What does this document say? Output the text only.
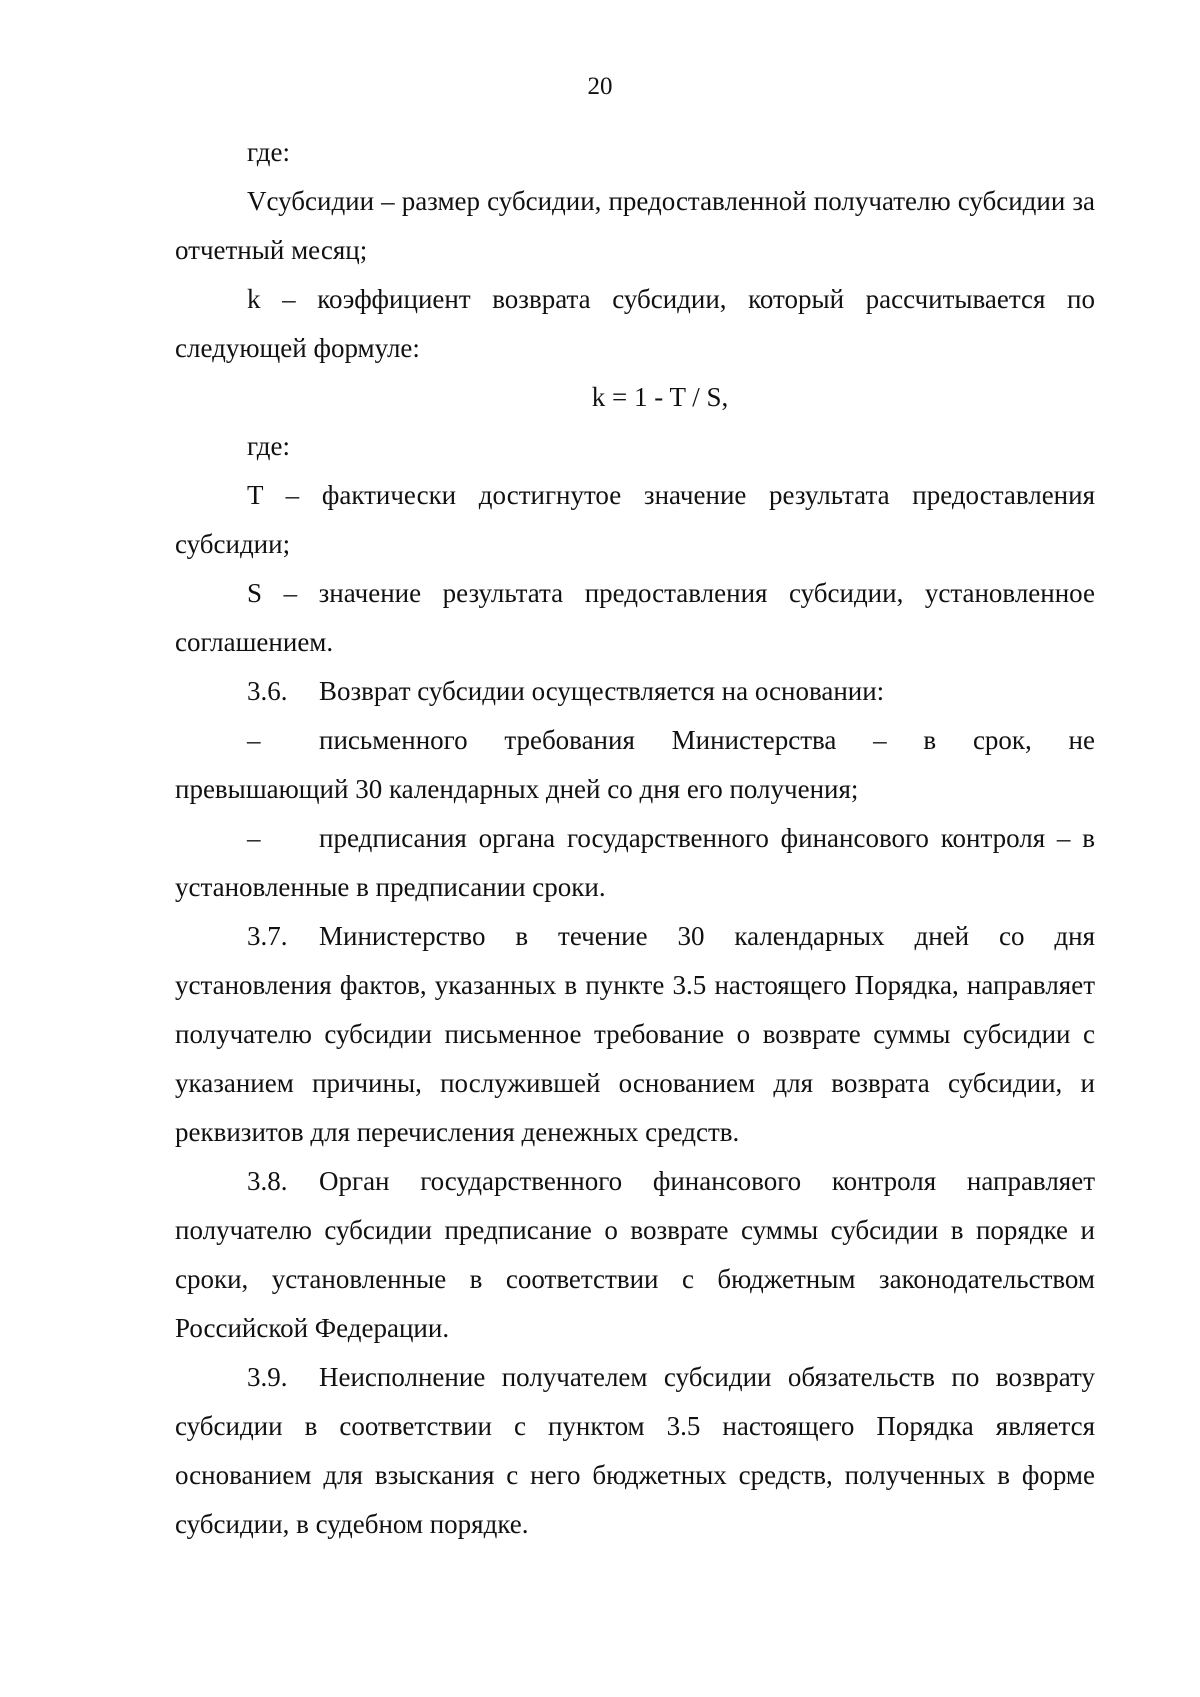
20

где:

Vсубсидии – размер субсидии, предоставленной получателю субсидии за отчетный месяц;

k – коэффициент возврата субсидии, который рассчитывается по следующей формуле:

k = 1 - T / S,

где:

T – фактически достигнутое значение результата предоставления субсидии;

S – значение результата предоставления субсидии, установленное соглашением.

3.6. Возврат субсидии осуществляется на основании:

– письменного требования Министерства – в срок, не превышающий 30 календарных дней со дня его получения;

– предписания органа государственного финансового контроля – в установленные в предписании сроки.

3.7. Министерство в течение 30 календарных дней со дня установления фактов, указанных в пункте 3.5 настоящего Порядка, направляет получателю субсидии письменное требование о возврате суммы субсидии с указанием причины, послужившей основанием для возврата субсидии, и реквизитов для перечисления денежных средств.

3.8. Орган государственного финансового контроля направляет получателю субсидии предписание о возврате суммы субсидии в порядке и сроки, установленные в соответствии с бюджетным законодательством Российской Федерации.

3.9. Неисполнение получателем субсидии обязательств по возврату субсидии в соответствии с пунктом 3.5 настоящего Порядка является основанием для взыскания с него бюджетных средств, полученных в форме субсидии, в судебном порядке.
